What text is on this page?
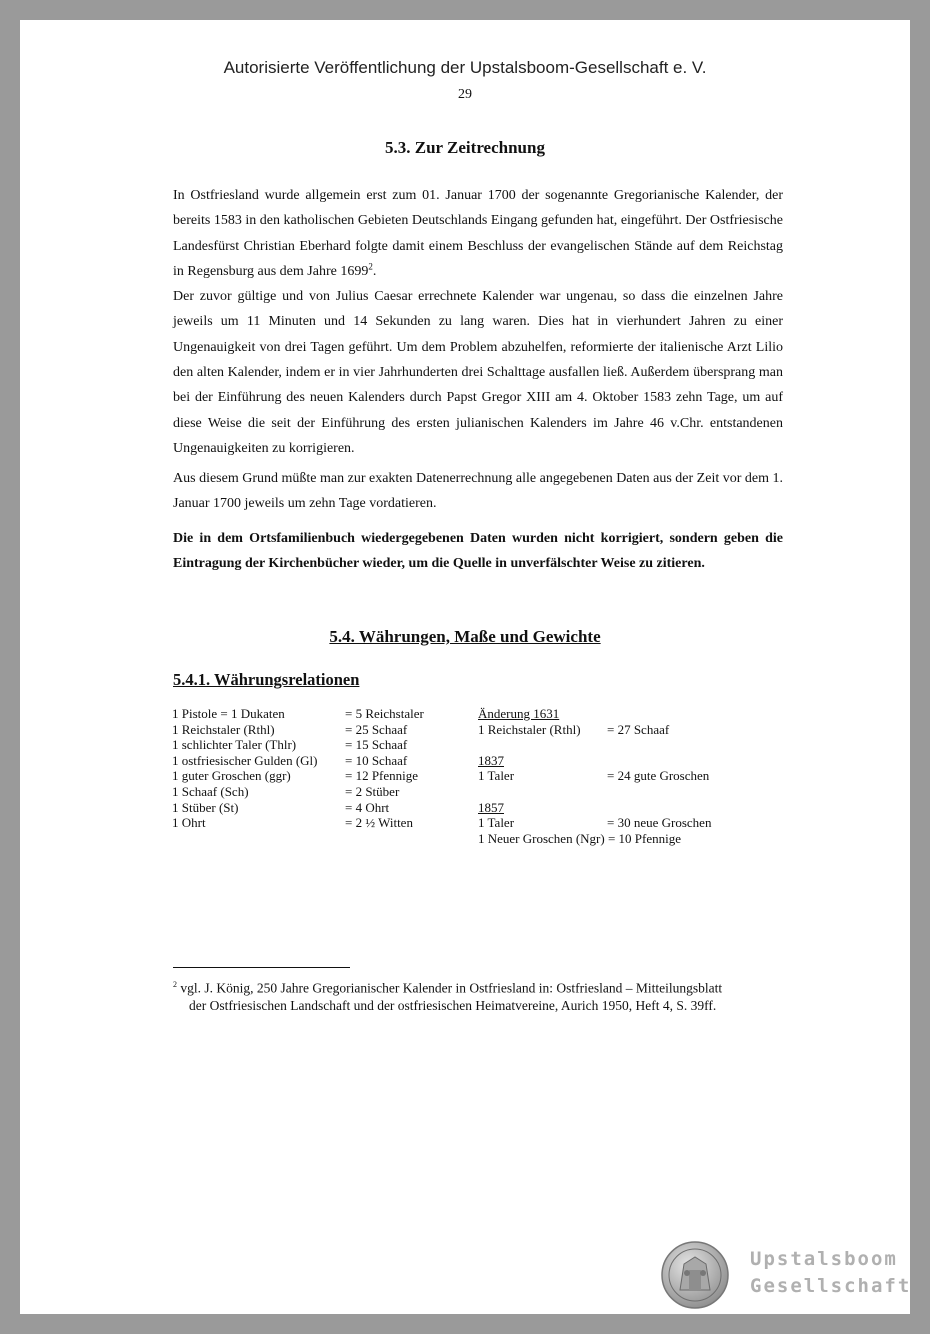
Autorisierte Veröffentlichung der Upstalsboom-Gesellschaft e. V.
29
5.3. Zur Zeitrechnung

In Ostfriesland wurde allgemein erst zum 01. Januar 1700 der sogenannte Gregorianische Kalender, der bereits 1583 in den katholischen Gebieten Deutschlands Eingang gefunden hat, eingeführt. Der Ostfriesische Landesfürst Christian Eberhard folgte damit einem Beschluss der evangelischen Stände auf dem Reichstag in Regensburg aus dem Jahre 1699$^2$.

Der zuvor gültige und von Julius Caesar errechnete Kalender war ungenau, so dass die einzelnen Jahre jeweils um 11 Minuten und 14 Sekunden zu lang waren. Dies hat in vierhundert Jahren zu einer Ungenauigkeit von drei Tagen geführt. Um dem Problem abzuhelfen, reformierte der italienische Arzt Lilio den alten Kalender, indem er in vier Jahrhunderten drei Schalttage ausfallen ließ. Außerdem übersprang man bei der Einführung des neuen Kalenders durch Papst Gregor XIII am 4. Oktober 1583 zehn Tage, um auf diese Weise die seit der Einführung des ersten julianischen Kalenders im Jahre 46 v.Chr. entstandenen Ungenauigkeiten zu korrigieren.

Aus diesem Grund müßte man zur exakten Datenerrechnung alle angegebenen Daten aus der Zeit vor dem 1. Januar 1700 jeweils um zehn Tage vordatieren.
Die in dem Ortsfamilienbuch wiedergegebenen Daten wurden nicht korrigiert, sondern geben die Eintragung der Kirchenbücher wieder, um die Quelle in unverfälschter Weise zu zitieren.
5.4. Währungen, Maße und Gewichte
5.4.1. Währungsrelationen
1 Pistole = 1 Dukaten
1 Reichstaler (Rthl)
1 schlichter Taler (Thlr)
1 ostfriesischer Gulden (Gl)
1 guter Groschen (ggr)
1 Schaaf (Sch)
1 Stüber (St)
1 Ohrt
= 5 Reichstaler
= 25 Schaaf
= 15 Schaaf
= 10 Schaaf
= 12 Pfennige
= 2 Stüber
= 4 Ohrt
= 2 ½ Witten
Änderung 1631
1 Reichstaler (Rthl)

1837
1 Taler

1857
1 Taler
1 Neuer Groschen (Ngr) = 10 Pfennige

= 27 Schaaf

= 24 gute Groschen

= 30 neue Groschen

$^2$ vgl. J. König, 250 Jahre Gregorianischer Kalender in Ostfriesland in: Ostfriesland – Mitteilungsblatt
der Ostfriesischen Landschaft und der ostfriesischen Heimatvereine, Aurich 1950, Heft 4, S. 39ff.
Upstalsboom
Gesellschaft
